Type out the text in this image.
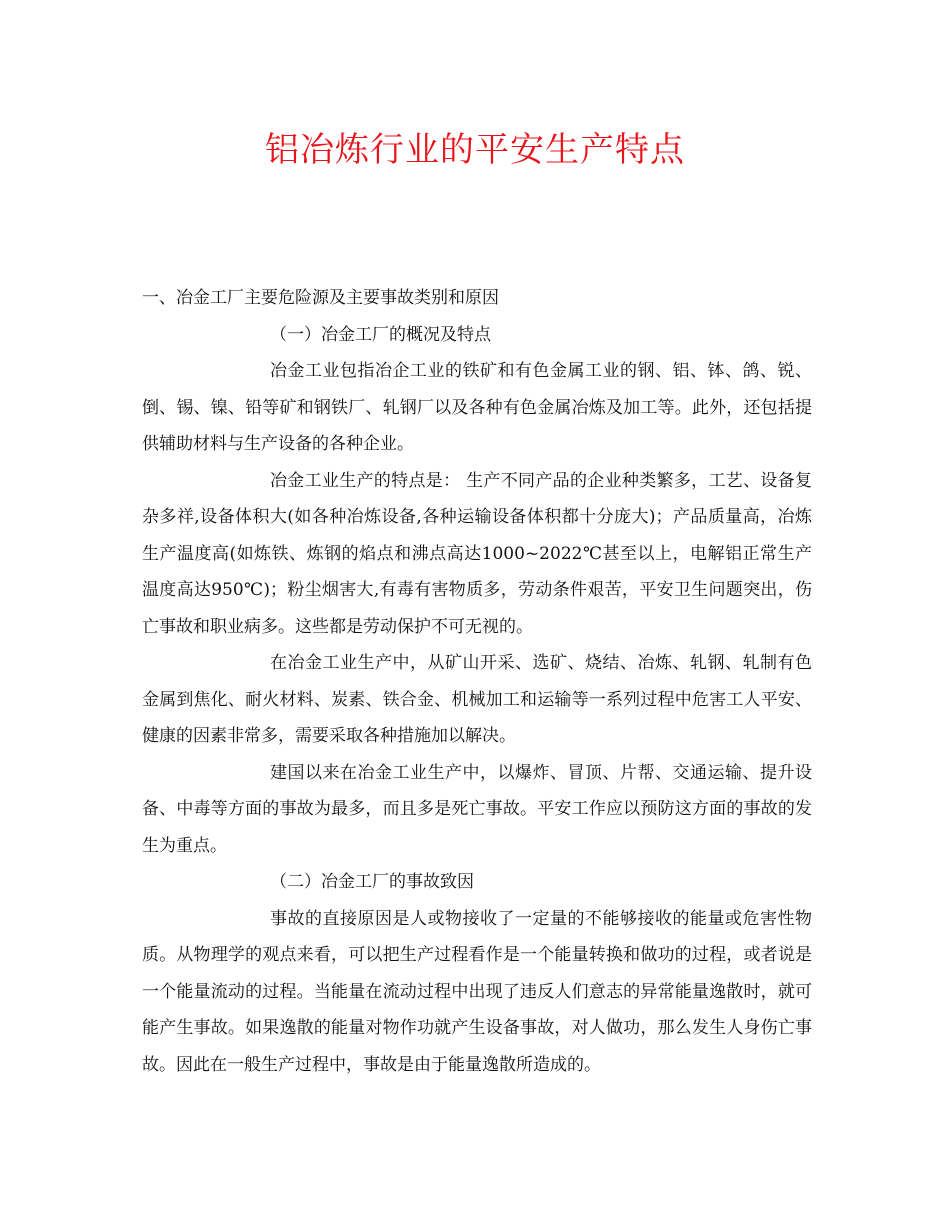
铝冶炼行业的平安生产特点

一、冶金工厂主要危险源及主要事故类别和原因

（一）冶金工厂的概况及特点

冶金工业包指冶企工业的铁矿和有色金属工业的钢、铝、钵、鸽、锐、倒、锡、镍、铅等矿和钢铁厂、轧钢厂以及各种有色金属冶炼及加工等。此外，还包括提供辅助材料与生产设备的各种企业。

冶金工业生产的特点是： 生产不同产品的企业种类繁多，工艺、设备复杂多祥,设备体积大(如各种冶炼设备,各种运输设备体积都十分庞大)；产品质量高，冶炼生产温度高(如炼铁、炼钢的焰点和沸点高达1000~2022℃甚至以上，电解铝正常生产温度高达950℃)；粉尘烟害大,有毒有害物质多，劳动条件艰苦，平安卫生问题突出，伤亡事故和职业病多。这些都是劳动保护不可无视的。

在冶金工业生产中，从矿山开采、选矿、烧结、冶炼、轧钢、轧制有色金属到焦化、耐火材料、炭素、铁合金、机械加工和运输等一系列过程中危害工人平安、健康的因素非常多，需要采取各种措施加以解决。

建国以来在冶金工业生产中，以爆炸、冒顶、片帮、交通运输、提升设备、中毒等方面的事故为最多，而且多是死亡事故。平安工作应以预防这方面的事故的发生为重点。

（二）冶金工厂的事故致因

事故的直接原因是人或物接收了一定量的不能够接收的能量或危害性物质。从物理学的观点来看，可以把生产过程看作是一个能量转换和做功的过程，或者说是一个能量流动的过程。当能量在流动过程中出现了违反人们意志的异常能量逸散时，就可能产生事故。如果逸散的能量对物作功就产生设备事故，对人做功，那么发生人身伤亡事故。因此在一般生产过程中，事故是由于能量逸散所造成的。
